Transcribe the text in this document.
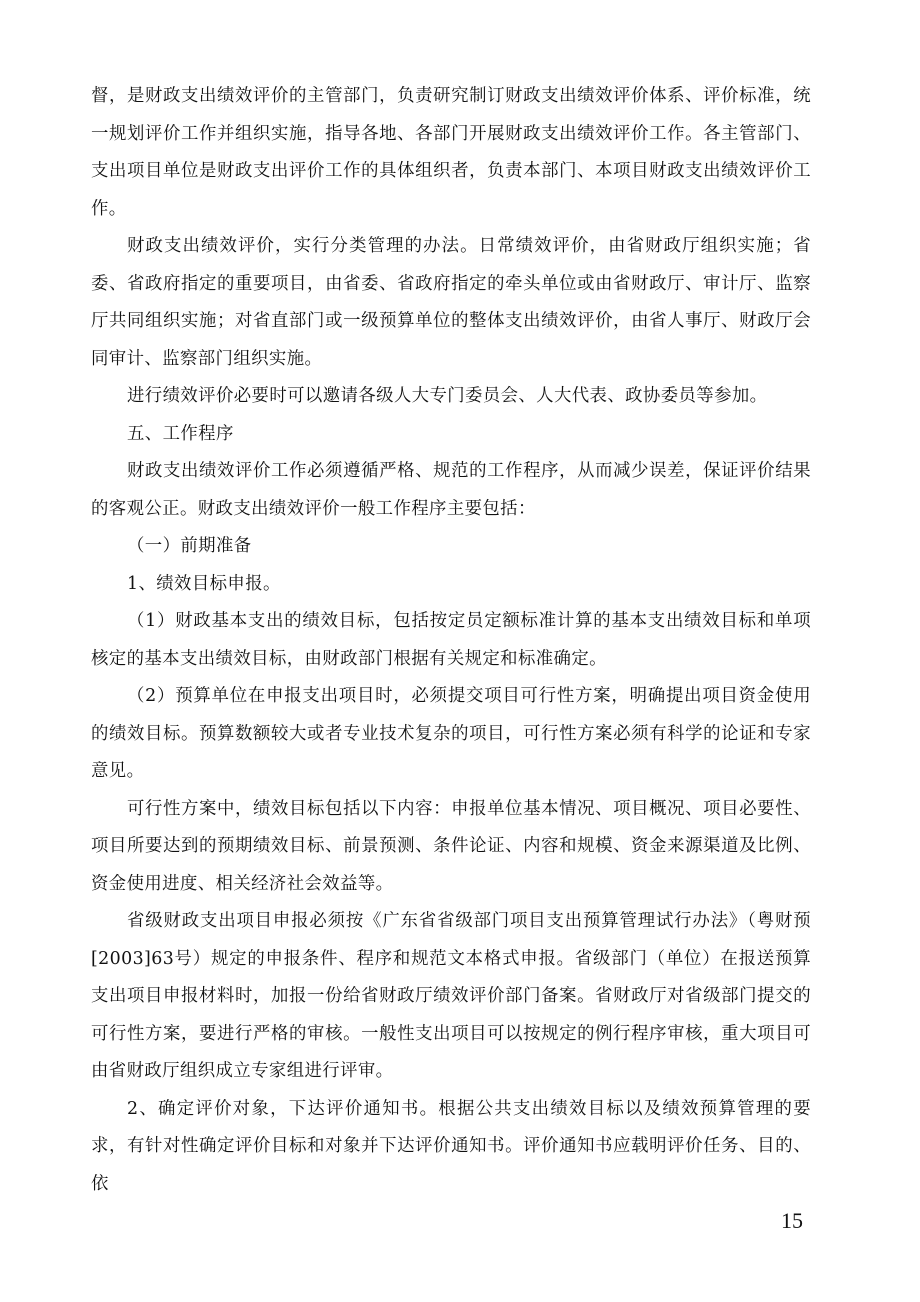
督，是财政支出绩效评价的主管部门，负责研究制订财政支出绩效评价体系、评价标准，统一规划评价工作并组织实施，指导各地、各部门开展财政支出绩效评价工作。各主管部门、支出项目单位是财政支出评价工作的具体组织者，负责本部门、本项目财政支出绩效评价工作。

财政支出绩效评价，实行分类管理的办法。日常绩效评价，由省财政厅组织实施；省委、省政府指定的重要项目，由省委、省政府指定的牵头单位或由省财政厅、审计厅、监察厅共同组织实施；对省直部门或一级预算单位的整体支出绩效评价，由省人事厅、财政厅会同审计、监察部门组织实施。

进行绩效评价必要时可以邀请各级人大专门委员会、人大代表、政协委员等参加。

五、工作程序

财政支出绩效评价工作必须遵循严格、规范的工作程序，从而减少误差，保证评价结果的客观公正。财政支出绩效评价一般工作程序主要包括：

（一）前期准备

1、绩效目标申报。

（1）财政基本支出的绩效目标，包括按定员定额标准计算的基本支出绩效目标和单项核定的基本支出绩效目标，由财政部门根据有关规定和标准确定。

（2）预算单位在申报支出项目时，必须提交项目可行性方案，明确提出项目资金使用的绩效目标。预算数额较大或者专业技术复杂的项目，可行性方案必须有科学的论证和专家意见。

可行性方案中，绩效目标包括以下内容：申报单位基本情况、项目概况、项目必要性、项目所要达到的预期绩效目标、前景预测、条件论证、内容和规模、资金来源渠道及比例、资金使用进度、相关经济社会效益等。

省级财政支出项目申报必须按《广东省省级部门项目支出预算管理试行办法》（粤财预[2003]63号）规定的申报条件、程序和规范文本格式申报。省级部门（单位）在报送预算支出项目申报材料时，加报一份给省财政厅绩效评价部门备案。省财政厅对省级部门提交的可行性方案，要进行严格的审核。一般性支出项目可以按规定的例行程序审核，重大项目可由省财政厅组织成立专家组进行评审。

2、确定评价对象，下达评价通知书。根据公共支出绩效目标以及绩效预算管理的要求，有针对性确定评价目标和对象并下达评价通知书。评价通知书应载明评价任务、目的、依

15
